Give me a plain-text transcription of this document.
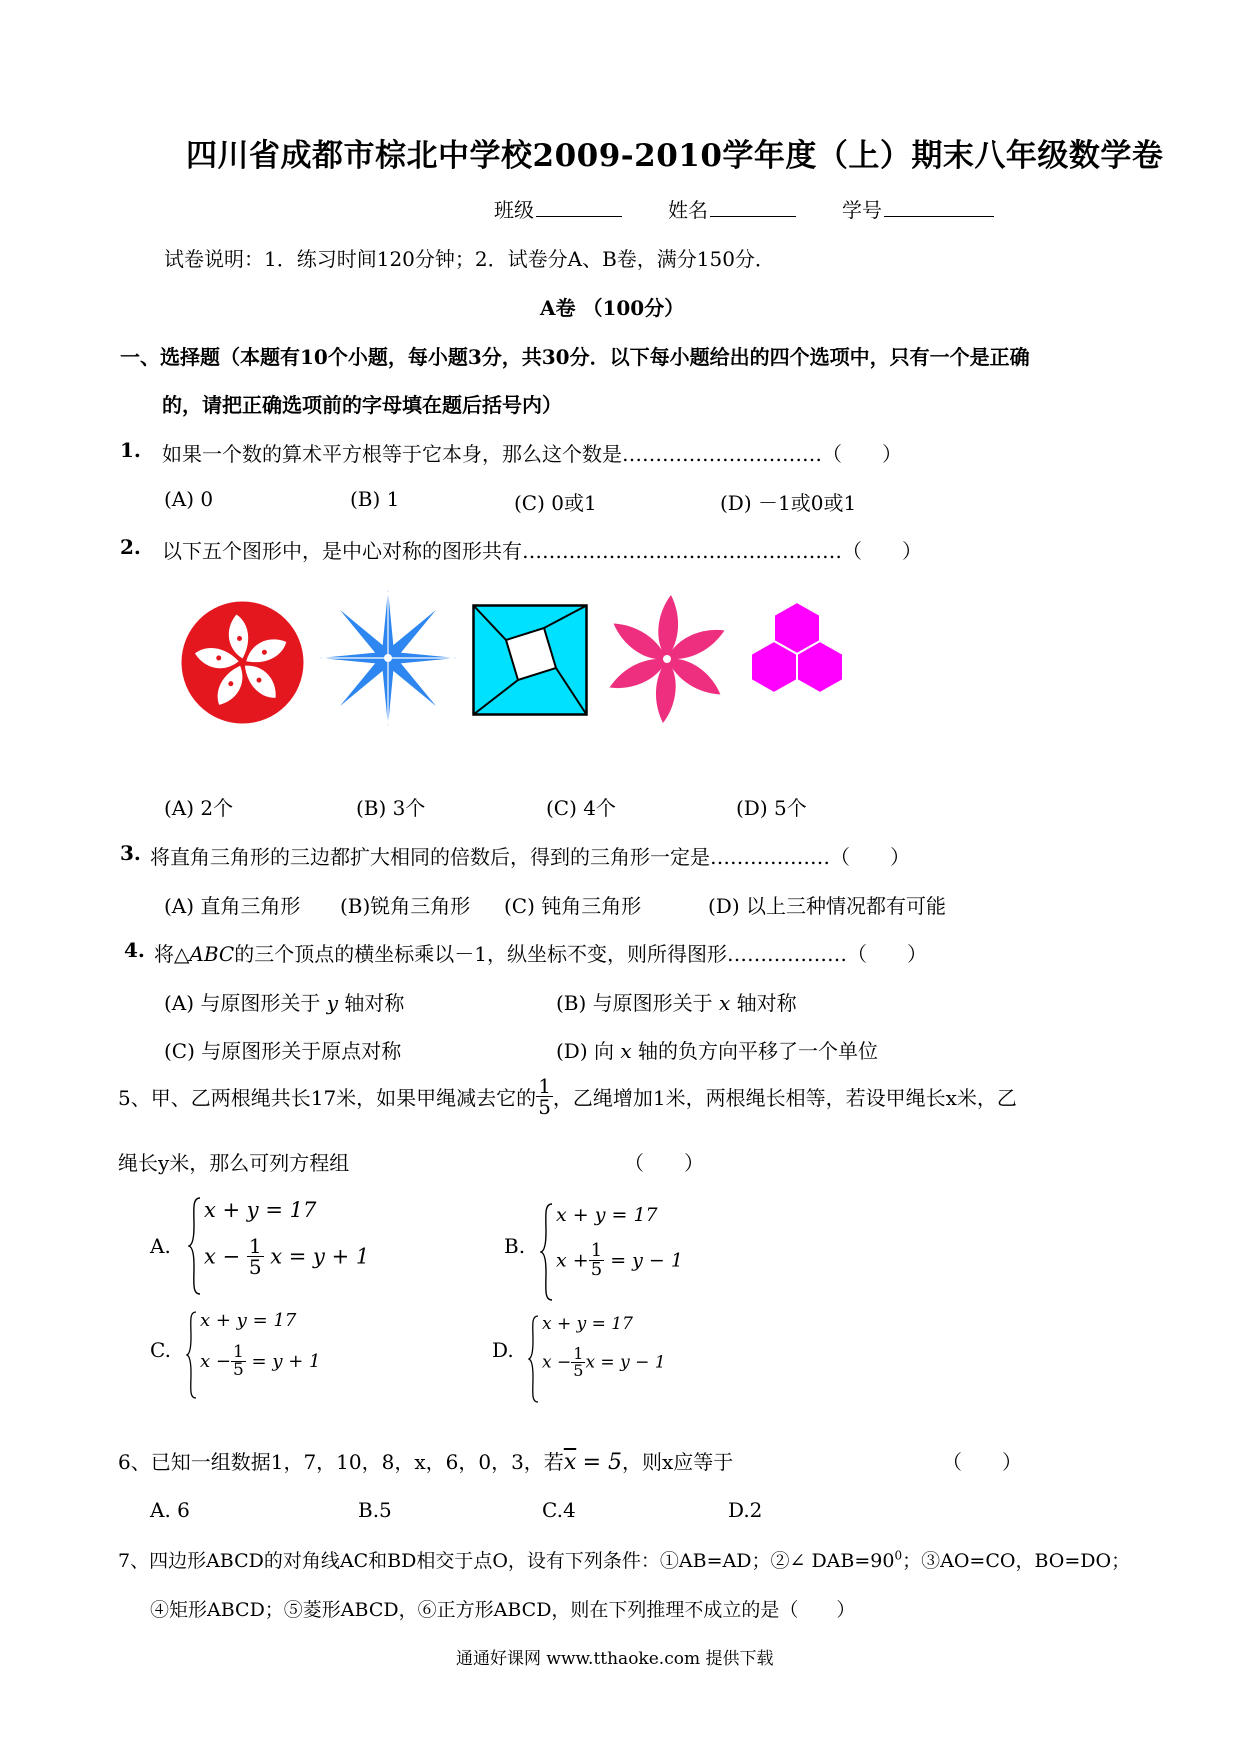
四川省成都市棕北中学校2009-2010学年度（上）期末八年级数学卷
班级	姓名	学号
试卷说明：1．练习时间120分钟；2．试卷分A、B卷，满分150分．
A卷 （100分）
一、选择题（本题有10个小题，每小题3分，共30分．以下每小题给出的四个选项中，只有一个是正确
的，请把正确选项前的字母填在题后括号内）
1. 如果一个数的算术平方根等于它本身，那么这个数是…………………………（　　）
(A) 0	(B) 1	(C) 0或1	(D) －1或0或1
2. 以下五个图形中，是中心对称的图形共有…………………………………………（　　）
(A) 2个	(B) 3个	(C) 4个	(D) 5个
3. 将直角三角形的三边都扩大相同的倍数后，得到的三角形一定是………………（　　）
(A) 直角三角形 (B)锐角三角形 (C) 钝角三角形	(D) 以上三种情况都有可能
4. 将△ABC的三个顶点的横坐标乘以－1，纵坐标不变，则所得图形………………（　　）
(A) 与原图形关于 y 轴对称	(B) 与原图形关于 x 轴对称
(C) 与原图形关于原点对称	(D) 向 x 轴的负方向平移了一个单位
5、甲、乙两根绳共长17米，如果甲绳减去它的 $\frac{1}{5}$ ，乙绳增加1米，两根绳长相等，若设甲绳长x米，乙
绳长y米，那么可列方程组	（　　）
A.
x + y = 17
$x - \frac{1}{5}$ x = y + 1	B.
x + y = 17
$x + \frac{1}{5} = y - 1$
C.
x + y = 17
$x - \frac{1}{5} = y + 1$	D.
x + y = 17
$x - \frac{1}{5}$ x = y − 1
6、已知一组数据1，7，10，8，x，6，0，3，若$\overline{x} = 5$，则x应等于	（　　）
A. 6	B.5	C.4	D.2
7、四边形ABCD的对角线AC和BD相交于点O，设有下列条件：①AB=AD；②∠ $DAB=90^0$；③AO=CO，BO=DO；
④矩形ABCD；⑤菱形ABCD，⑥正方形ABCD，则在下列推理不成立的是（　　）
通通好课网 www.tthaoke.com 提供下载
